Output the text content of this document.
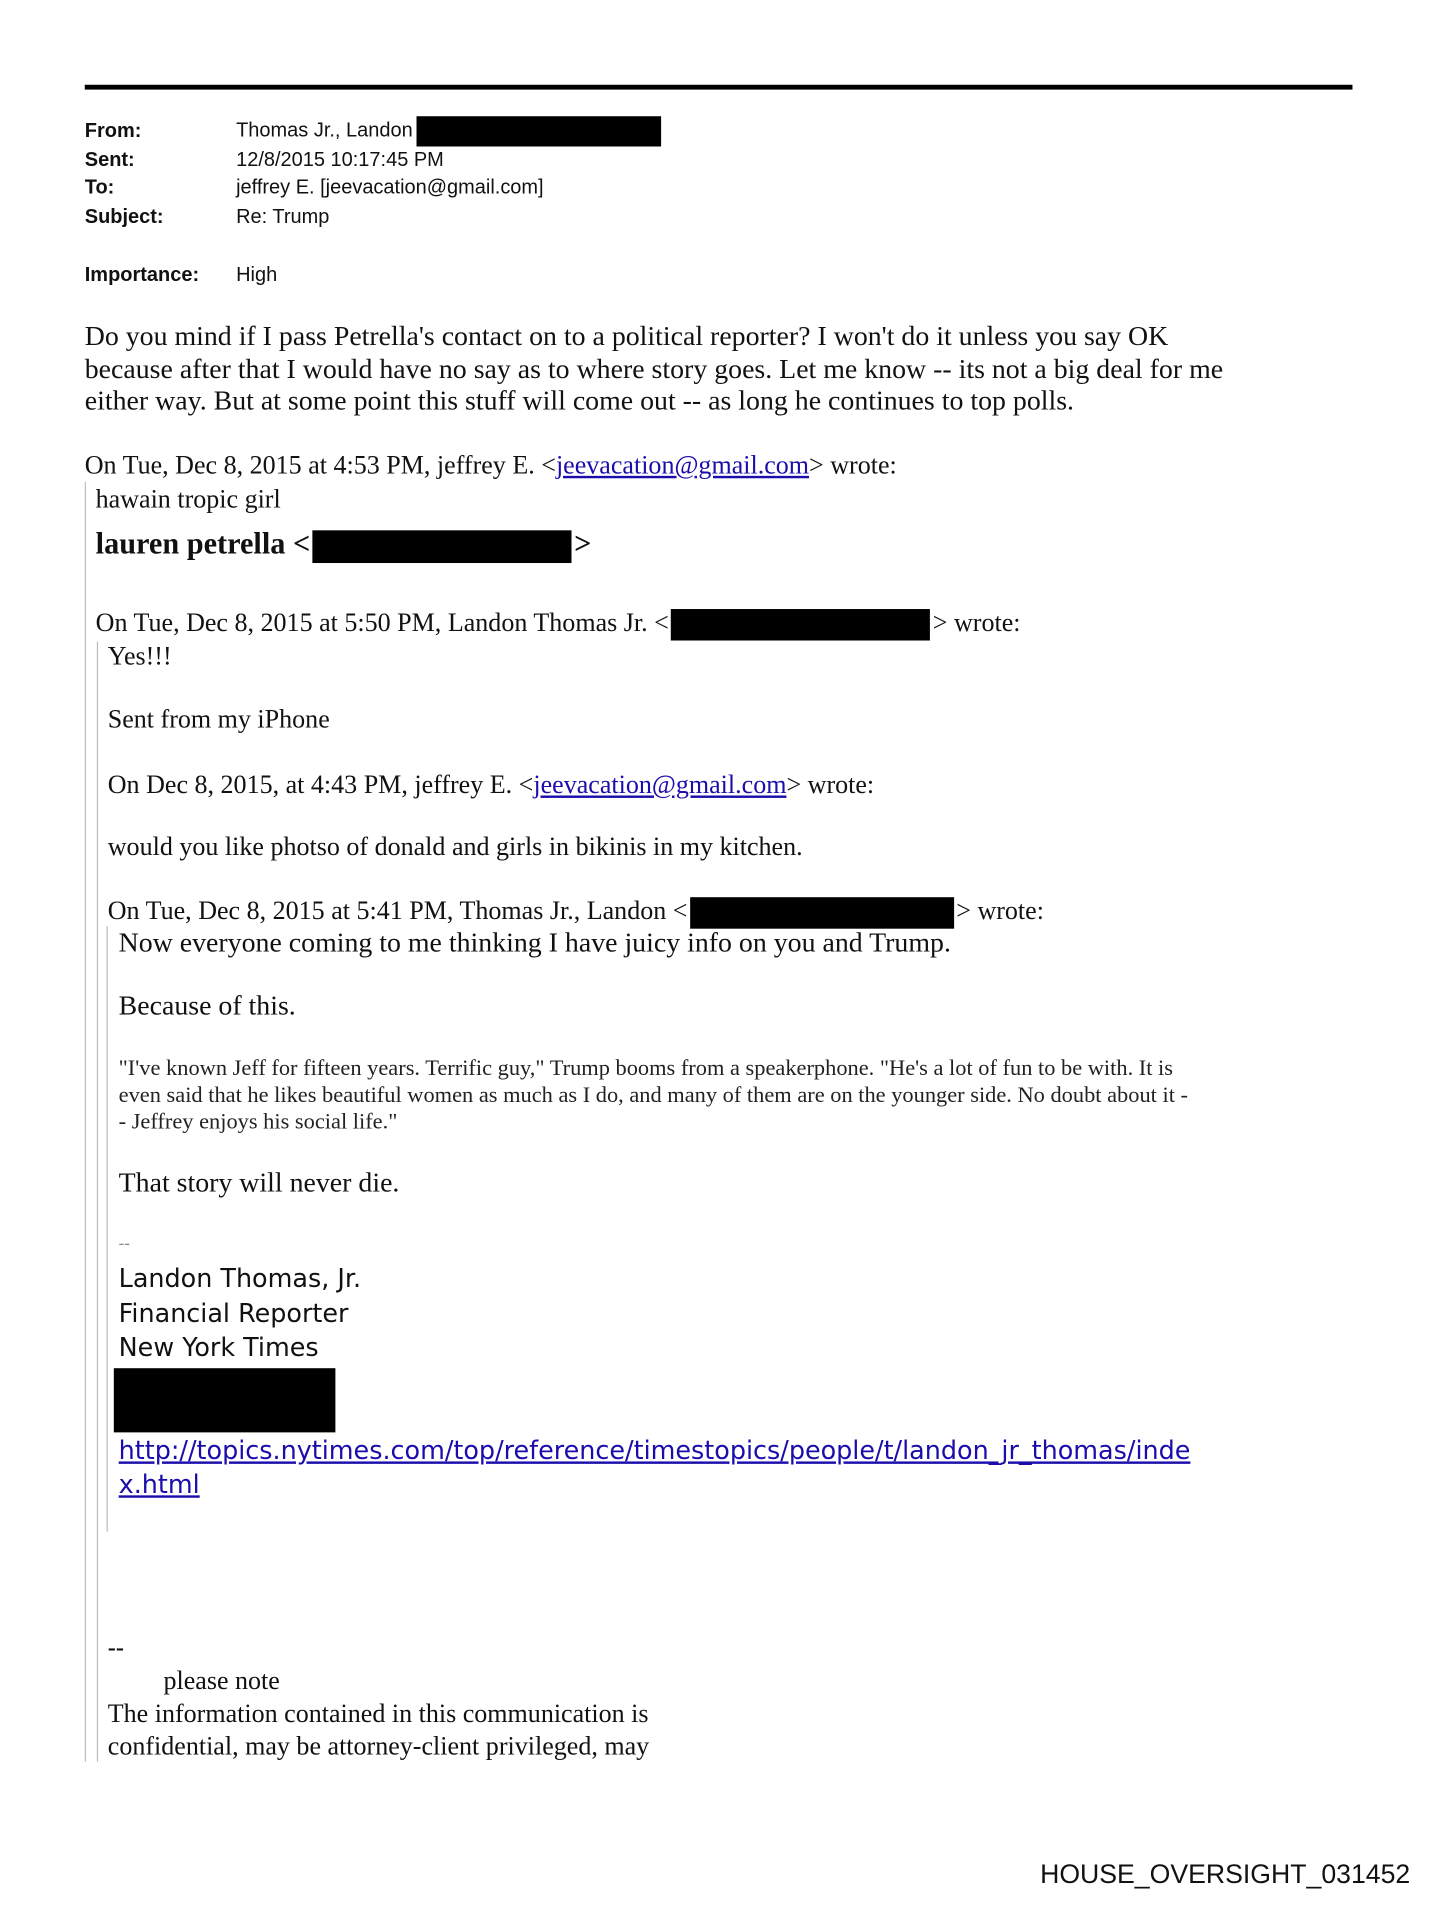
From:	Thomas Jr., Landon
Sent:	12/8/2015 10:17:45 PM
To:	jeffrey E. [jeevacation@gmail.com]
Subject:	Re: Trump
Importance: High
Do you mind if I pass Petrella's contact on to a political reporter? I won't do it unless you say OK
because after that I would have no say as to where story goes. Let me know -- its not a big deal for me
either way. But at some point this stuff will come out -- as long he continues to top polls.
On Tue, Dec 8, 2015 at 4:53 PM, jeffrey E. <jeevacation@gmail.com> wrote:
hawain tropic girl
lauren petrella <	>
On Tue, Dec 8, 2015 at 5:50 PM, Landon Thomas Jr. <	> wrote:
Yes!!!
Sent from my iPhone
On Dec 8, 2015, at 4:43 PM, jeffrey E. <jeevacation@gmail.com> wrote:
would you like photso of donald and girls in bikinis in my kitchen.
On Tue, Dec 8, 2015 at 5:41 PM, Thomas Jr., Landon <	> wrote:
Now everyone coming to me thinking I have juicy info on you and Trump.
Because of this.
"I've known Jeff for fifteen years. Terrific guy," Trump booms from a speakerphone. "He's a lot of fun to be with. It is
even said that he likes beautiful women as much as I do, and many of them are on the younger side. No doubt about it -
- Jeffrey enjoys his social life."
That story will never die.
--
Landon Thomas, Jr.
Financial Reporter
New York Times
http://topics.nytimes.com/top/reference/timestopics/people/t/landon_jr_thomas/inde
x.html
--
please note
The information contained in this communication is
confidential, may be attorney-client privileged, may
HOUSE_OVERSIGHT_031452
